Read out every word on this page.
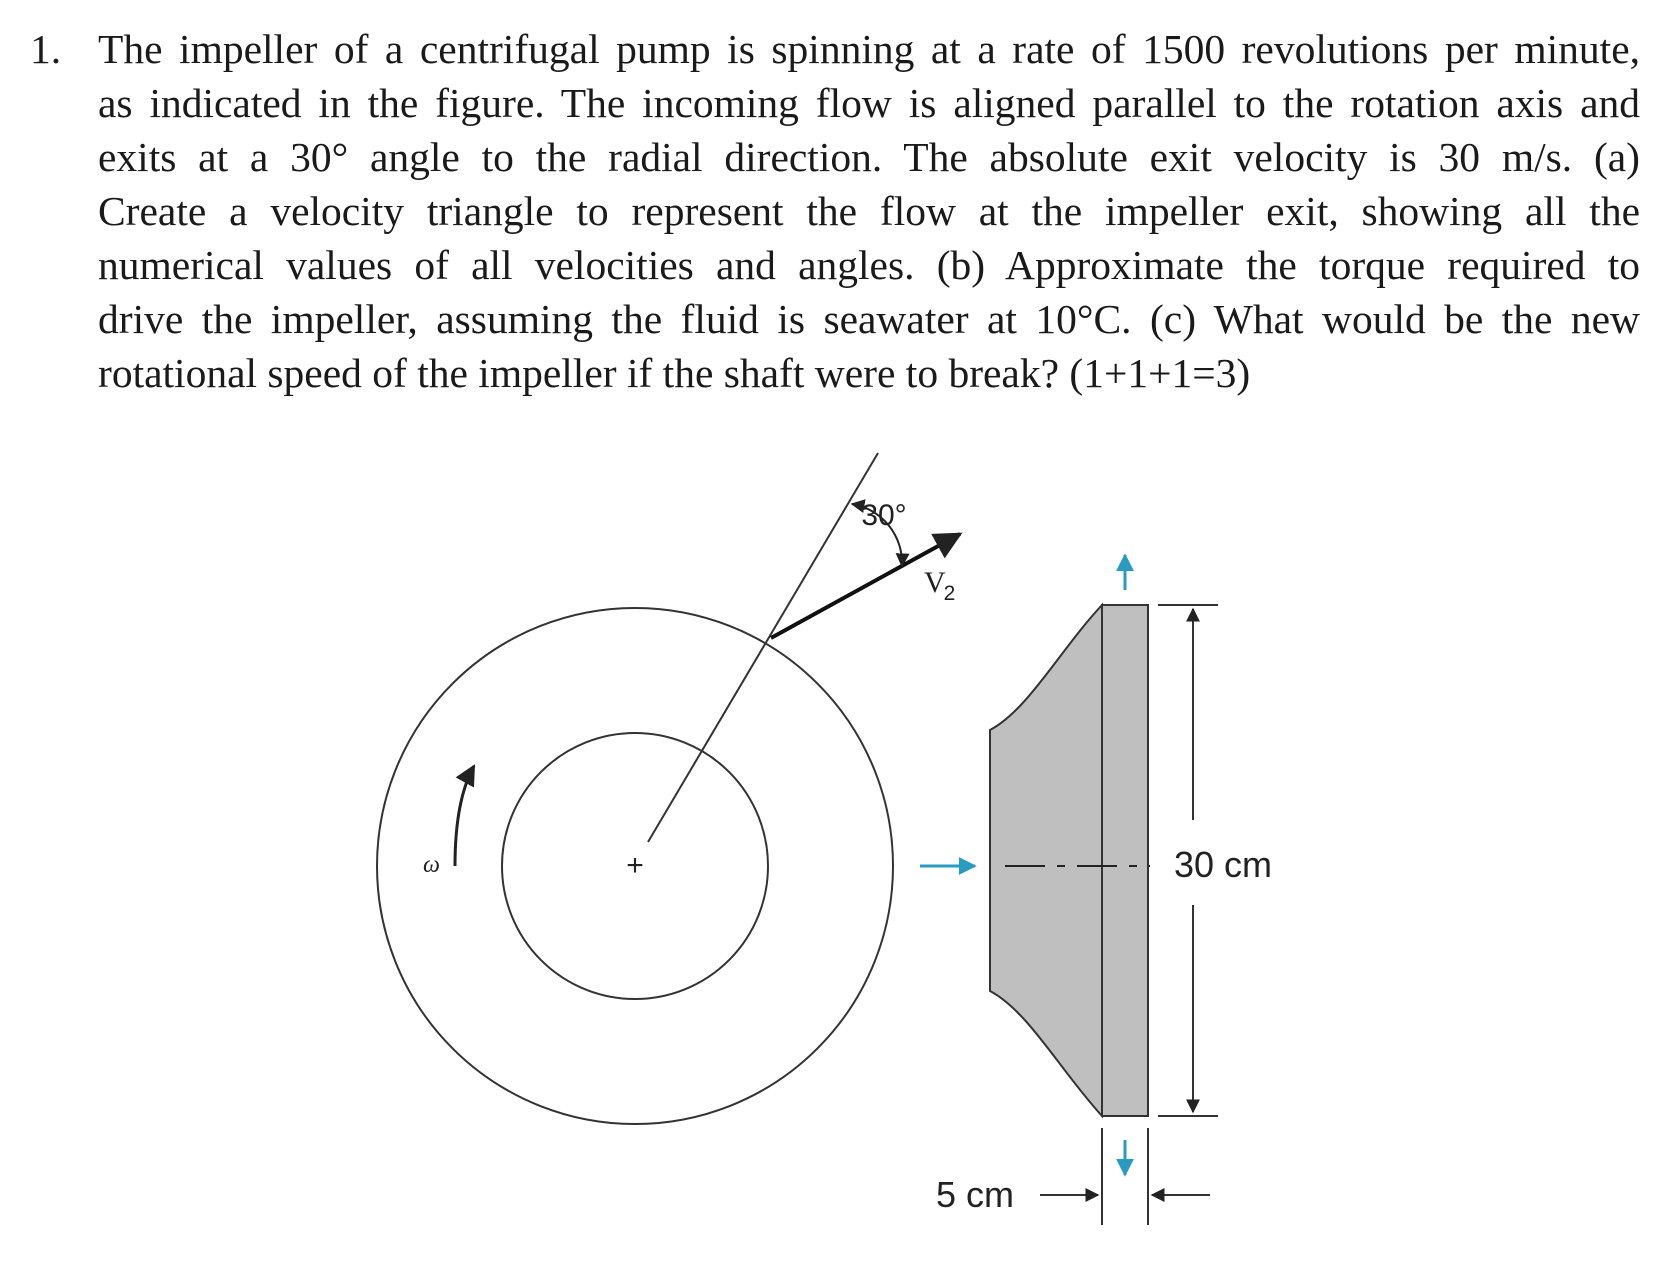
1. The impeller of a centrifugal pump is spinning at a rate of 1500 revolutions per minute,
as indicated in the figure. The incoming flow is aligned parallel to the rotation axis and
exits at a 30° angle to the radial direction. The absolute exit velocity is 30 m/s. (a)
Create a velocity triangle to represent the flow at the impeller exit, showing all the
numerical values of all velocities and angles. (b) Approximate the torque required to
drive the impeller, assuming the fluid is seawater at 10°C. (c) What would be the new
rotational speed of the impeller if the shaft were to break? (1+1+1=3)
+
30°
V2
ω	30 cm
5 cm
